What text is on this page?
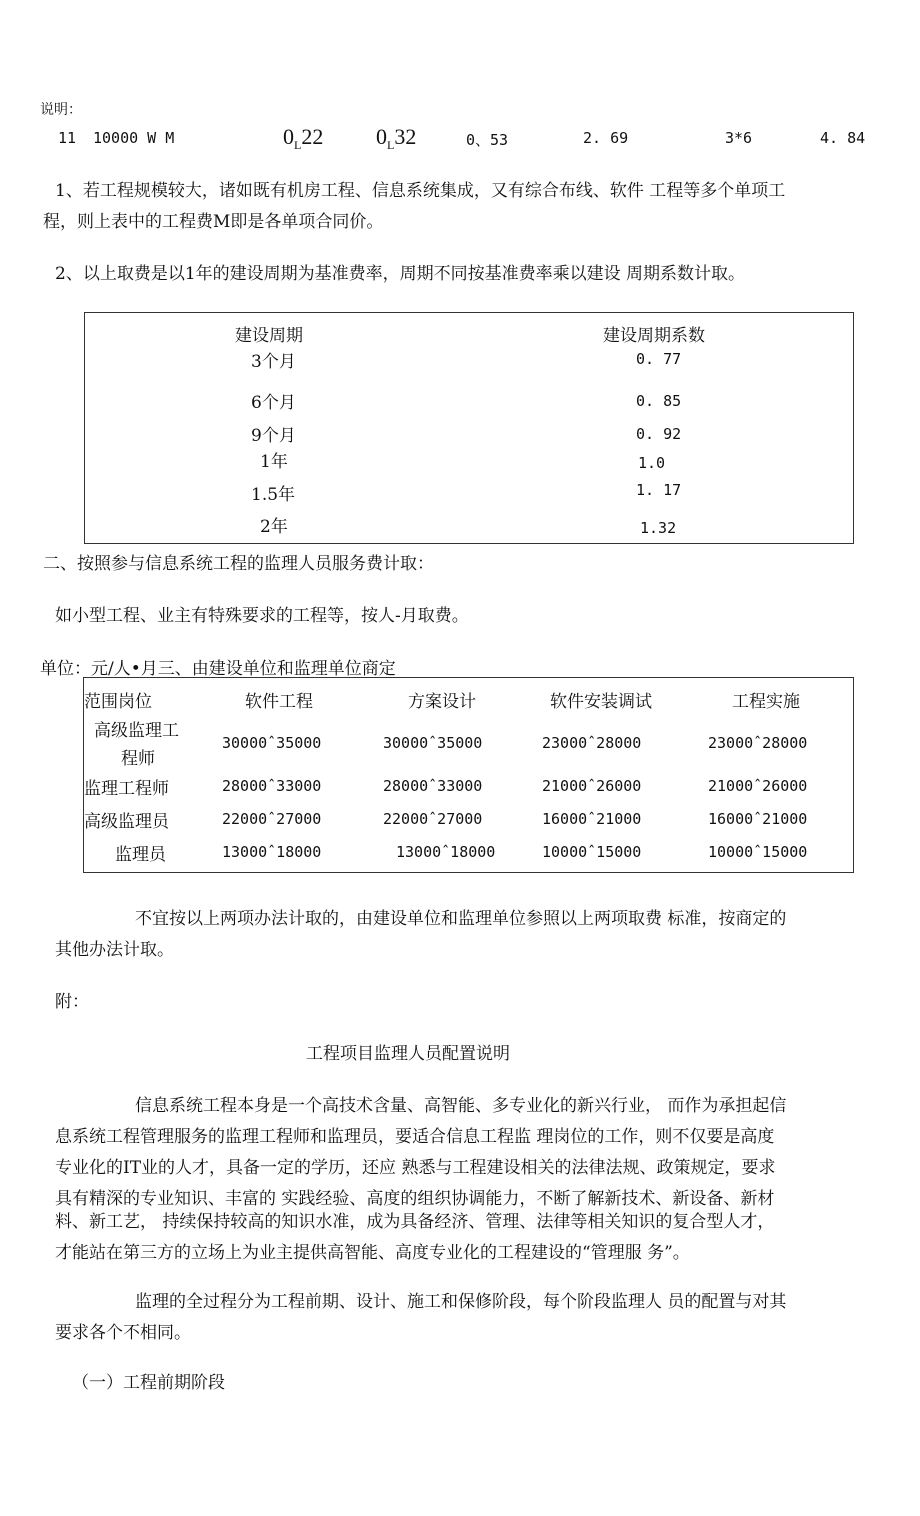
说明：
11 10000 W M	$0_L22$ $0_L32$	0、53	2. 69	3*6	4. 84
1、若工程规模较大，诸如既有机房工程、信息系统集成，又有综合布线、软件 工程等多个单项工
程，则上表中的工程费M即是各单项合同价。
2、以上取费是以1年的建设周期为基准费率，周期不同按基准费率乘以建设 周期系数计取。
建设周期	建设周期系数
3个月	0. 77
6个月	0. 85
9个月	0. 92
1年	1.0
1.5年	1. 17
2年	1.32
二、按照参与信息系统工程的监理人员服务费计取：
如小型工程、业主有特殊要求的工程等，按人-月取费。
单位：元/人•月三、由建设单位和监理单位商定
范围岗位	软件工程	方案设计	软件安装调试	工程实施
高级监理工
程师
30000ˆ35000	30000ˆ35000	23000ˆ28000	23000ˆ28000
监理工程师	28000ˆ33000	28000ˆ33000	21000ˆ26000	21000ˆ26000
高级监理员	22000ˆ27000	22000ˆ27000	16000ˆ21000	16000ˆ21000
监理员	13000ˆ18000	13000ˆ18000	10000ˆ15000	10000ˆ15000
不宜按以上两项办法计取的，由建设单位和监理单位参照以上两项取费 标准，按商定的
其他办法计取。
附：
工程项目监理人员配置说明
信息系统工程本身是一个高技术含量、高智能、多专业化的新兴行业， 而作为承担起信
息系统工程管理服务的监理工程师和监理员，要适合信息工程监 理岗位的工作，则不仅要是高度
专业化的IT业的人才，具备一定的学历，还应 熟悉与工程建设相关的法律法规、政策规定，要求
具有精深的专业知识、丰富的 实践经验、高度的组织协调能力，不断了解新技术、新设备、新材
料、新工艺， 持续保持较高的知识水准，成为具备经济、管理、法律等相关知识的复合型人才，
才能站在第三方的立场上为业主提供高智能、高度专业化的工程建设的“管理服 务”。
监理的全过程分为工程前期、设计、施工和保修阶段，每个阶段监理人 员的配置与对其
要求各个不相同。
（一）工程前期阶段
